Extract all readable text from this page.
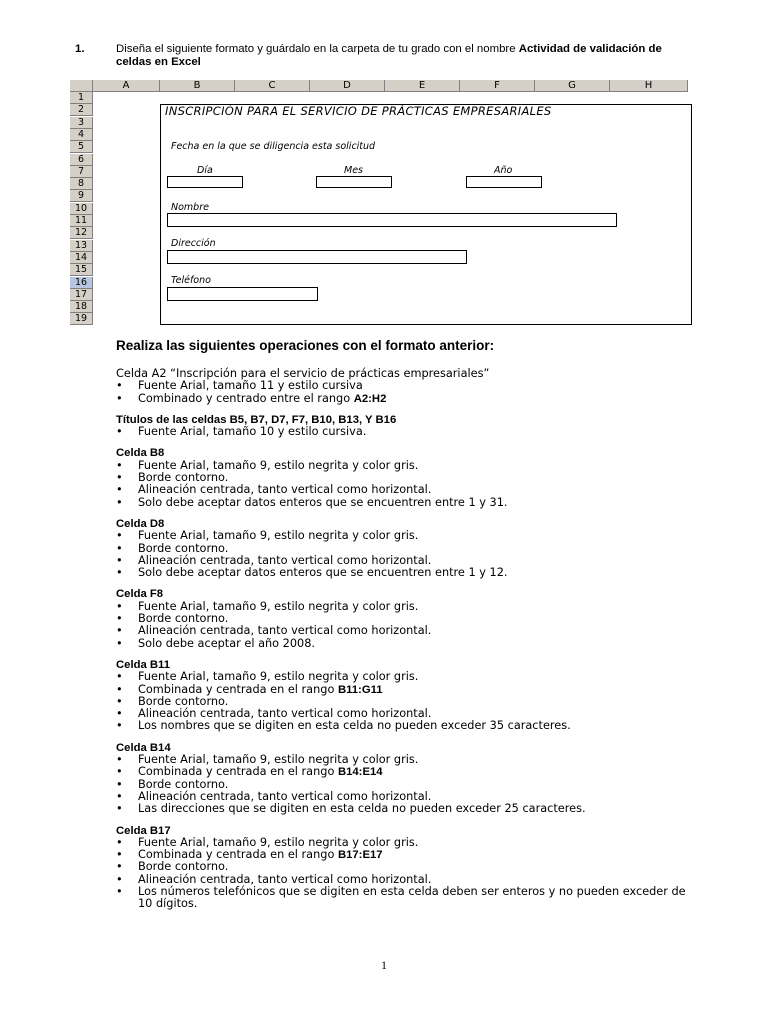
1.	Diseña el siguiente formato y guárdalo en la carpeta de tu grado con el nombre Actividad de validación de celdas en Excel
A	B	C	D	E	F	G	H
1
2
3
4
5
6
7
8
9
10
11
12
13
14
15
16
17
18
19
INSCRIPCIÓN PARA EL SERVICIO DE PRÁCTICAS EMPRESARIALES
Fecha en la que se diligencia esta solicitud
Día	Mes	Año
Nombre
Dirección
Teléfono
Realiza las siguientes operaciones con el formato anterior:
Celda A2 “Inscripción para el servicio de prácticas empresariales”
• Fuente Arial, tamaño 11 y estilo cursiva
• Combinado y centrado entre el rango A2:H2
Títulos de las celdas B5, B7, D7, F7, B10, B13, Y B16
• Fuente Arial, tamaño 10 y estilo cursiva.
Celda B8
• Fuente Arial, tamaño 9, estilo negrita y color gris.
• Borde contorno.
• Alineación centrada, tanto vertical como horizontal.
• Solo debe aceptar datos enteros que se encuentren entre 1 y 31.
Celda D8
• Fuente Arial, tamaño 9, estilo negrita y color gris.
• Borde contorno.
• Alineación centrada, tanto vertical como horizontal.
• Solo debe aceptar datos enteros que se encuentren entre 1 y 12.
Celda F8
• Fuente Arial, tamaño 9, estilo negrita y color gris.
• Borde contorno.
• Alineación centrada, tanto vertical como horizontal.
• Solo debe aceptar el año 2008.
Celda B11
• Fuente Arial, tamaño 9, estilo negrita y color gris.
• Combinada y centrada en el rango B11:G11
• Borde contorno.
• Alineación centrada, tanto vertical como horizontal.
• Los nombres que se digiten en esta celda no pueden exceder 35 caracteres.
Celda B14
• Fuente Arial, tamaño 9, estilo negrita y color gris.
• Combinada y centrada en el rango B14:E14
• Borde contorno.
• Alineación centrada, tanto vertical como horizontal.
• Las direcciones que se digiten en esta celda no pueden exceder 25 caracteres.
Celda B17
• Fuente Arial, tamaño 9, estilo negrita y color gris.
• Combinada y centrada en el rango B17:E17
• Borde contorno.
• Alineación centrada, tanto vertical como horizontal.
• Los números telefónicos que se digiten en esta celda deben ser enteros y no pueden exceder de 10 dígitos.
1
